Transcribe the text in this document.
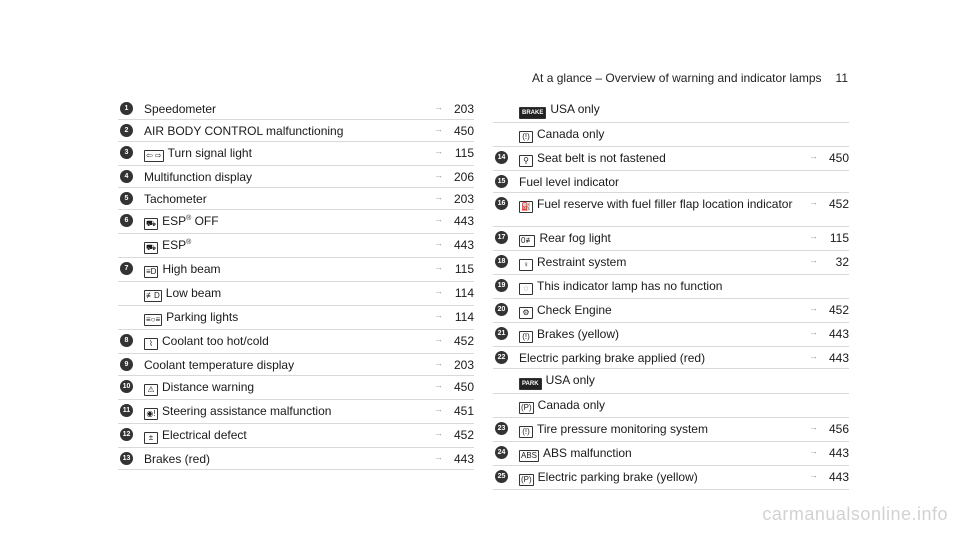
At a glance – Overview of warning and indicator lamps 11
1	Speedometer	→ 203
2	AIR BODY CONTROL malfunctioning	→ 450
3	⇦ ⇨ Turn signal light	→ 115
4	Multifunction display	→ 206
5	Tachometer	→ 203
6	⛟ ESP® OFF	→ 443
⛟ ESP®	→ 443
7	≡D High beam	→ 115
≢D Low beam	→ 114
≡○≡ Parking lights	→ 114
8	⌇ Coolant too hot/cold	→ 452
9	Coolant temperature display	→ 203
10	⚠ Distance warning	→ 450
11	◉! Steering assistance malfunction	→ 451
12	± Electrical defect	→ 452
13 Brakes (red)	→ 443
BRAKE USA only
(!) Canada only
14	⚲ Seat belt is not fastened	→ 450
15 Fuel level indicator
16	⛽ Fuel reserve with fuel filler flap location indicator → 452
17	0≢ Rear fog light	→ 115
18	♀ Restraint system	→ 32
19	◌ This indicator lamp has no function
20	⚙ Check Engine	→ 452
21	(!) Brakes (yellow)	→ 443
22 Electric parking brake applied (red)	→ 443
PARK USA only
(P) Canada only
23	(!) Tire pressure monitoring system	→ 456
24	ABS ABS malfunction	→ 443
25	(P) Electric parking brake (yellow)	→ 443
carmanualsonline.info
